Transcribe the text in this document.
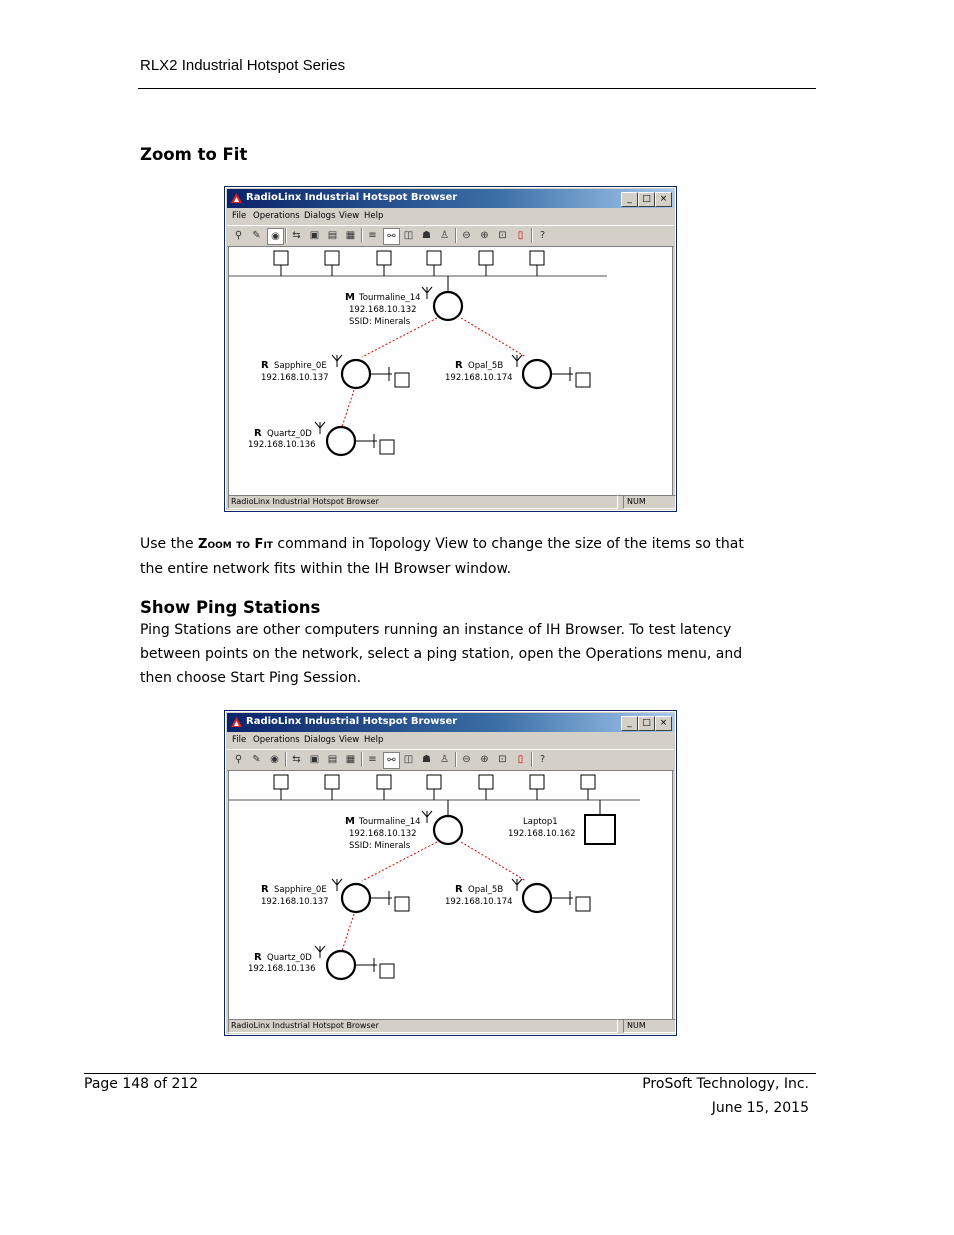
RLX2 Industrial Hotspot Series
Zoom to Fit
RadioLinx Industrial Hotspot Browser	_	□ ×
File Operations Dialogs View Help
⚲	✎	◉	⇆ ▣ ▤ ▦	≡	⚯ ◫ ☗ ♙	⊖ ⊕ ⊡	▯	?
M Tourmaline_14
192.168.10.132
SSID: Minerals
R Sapphire_0E
192.168.10.137
R Opal_5B
192.168.10.174
R Quartz_0D
192.168.10.136
RadioLinx Industrial Hotspot Browser	NUM
Use the Zoom to Fit command in Topology View to change the size of the items so that
the entire network fits within the IH Browser window.
Show Ping Stations
Ping Stations are other computers running an instance of IH Browser. To test latency
between points on the network, select a ping station, open the Operations menu, and
then choose Start Ping Session.
RadioLinx Industrial Hotspot Browser	_	□ ×
File Operations Dialogs View Help
⚲	✎ ◉	⇆ ▣ ▤ ▦	≡	⚯ ◫ ☗ ♙	⊖ ⊕ ⊡	▯	?
M Tourmaline_14
192.168.10.132
SSID: Minerals
Laptop1
192.168.10.162
R Sapphire_0E
192.168.10.137
R Opal_5B
192.168.10.174
R Quartz_0D
192.168.10.136
RadioLinx Industrial Hotspot Browser	NUM
Page 148 of 212	ProSoft Technology, Inc.
June 15, 2015
